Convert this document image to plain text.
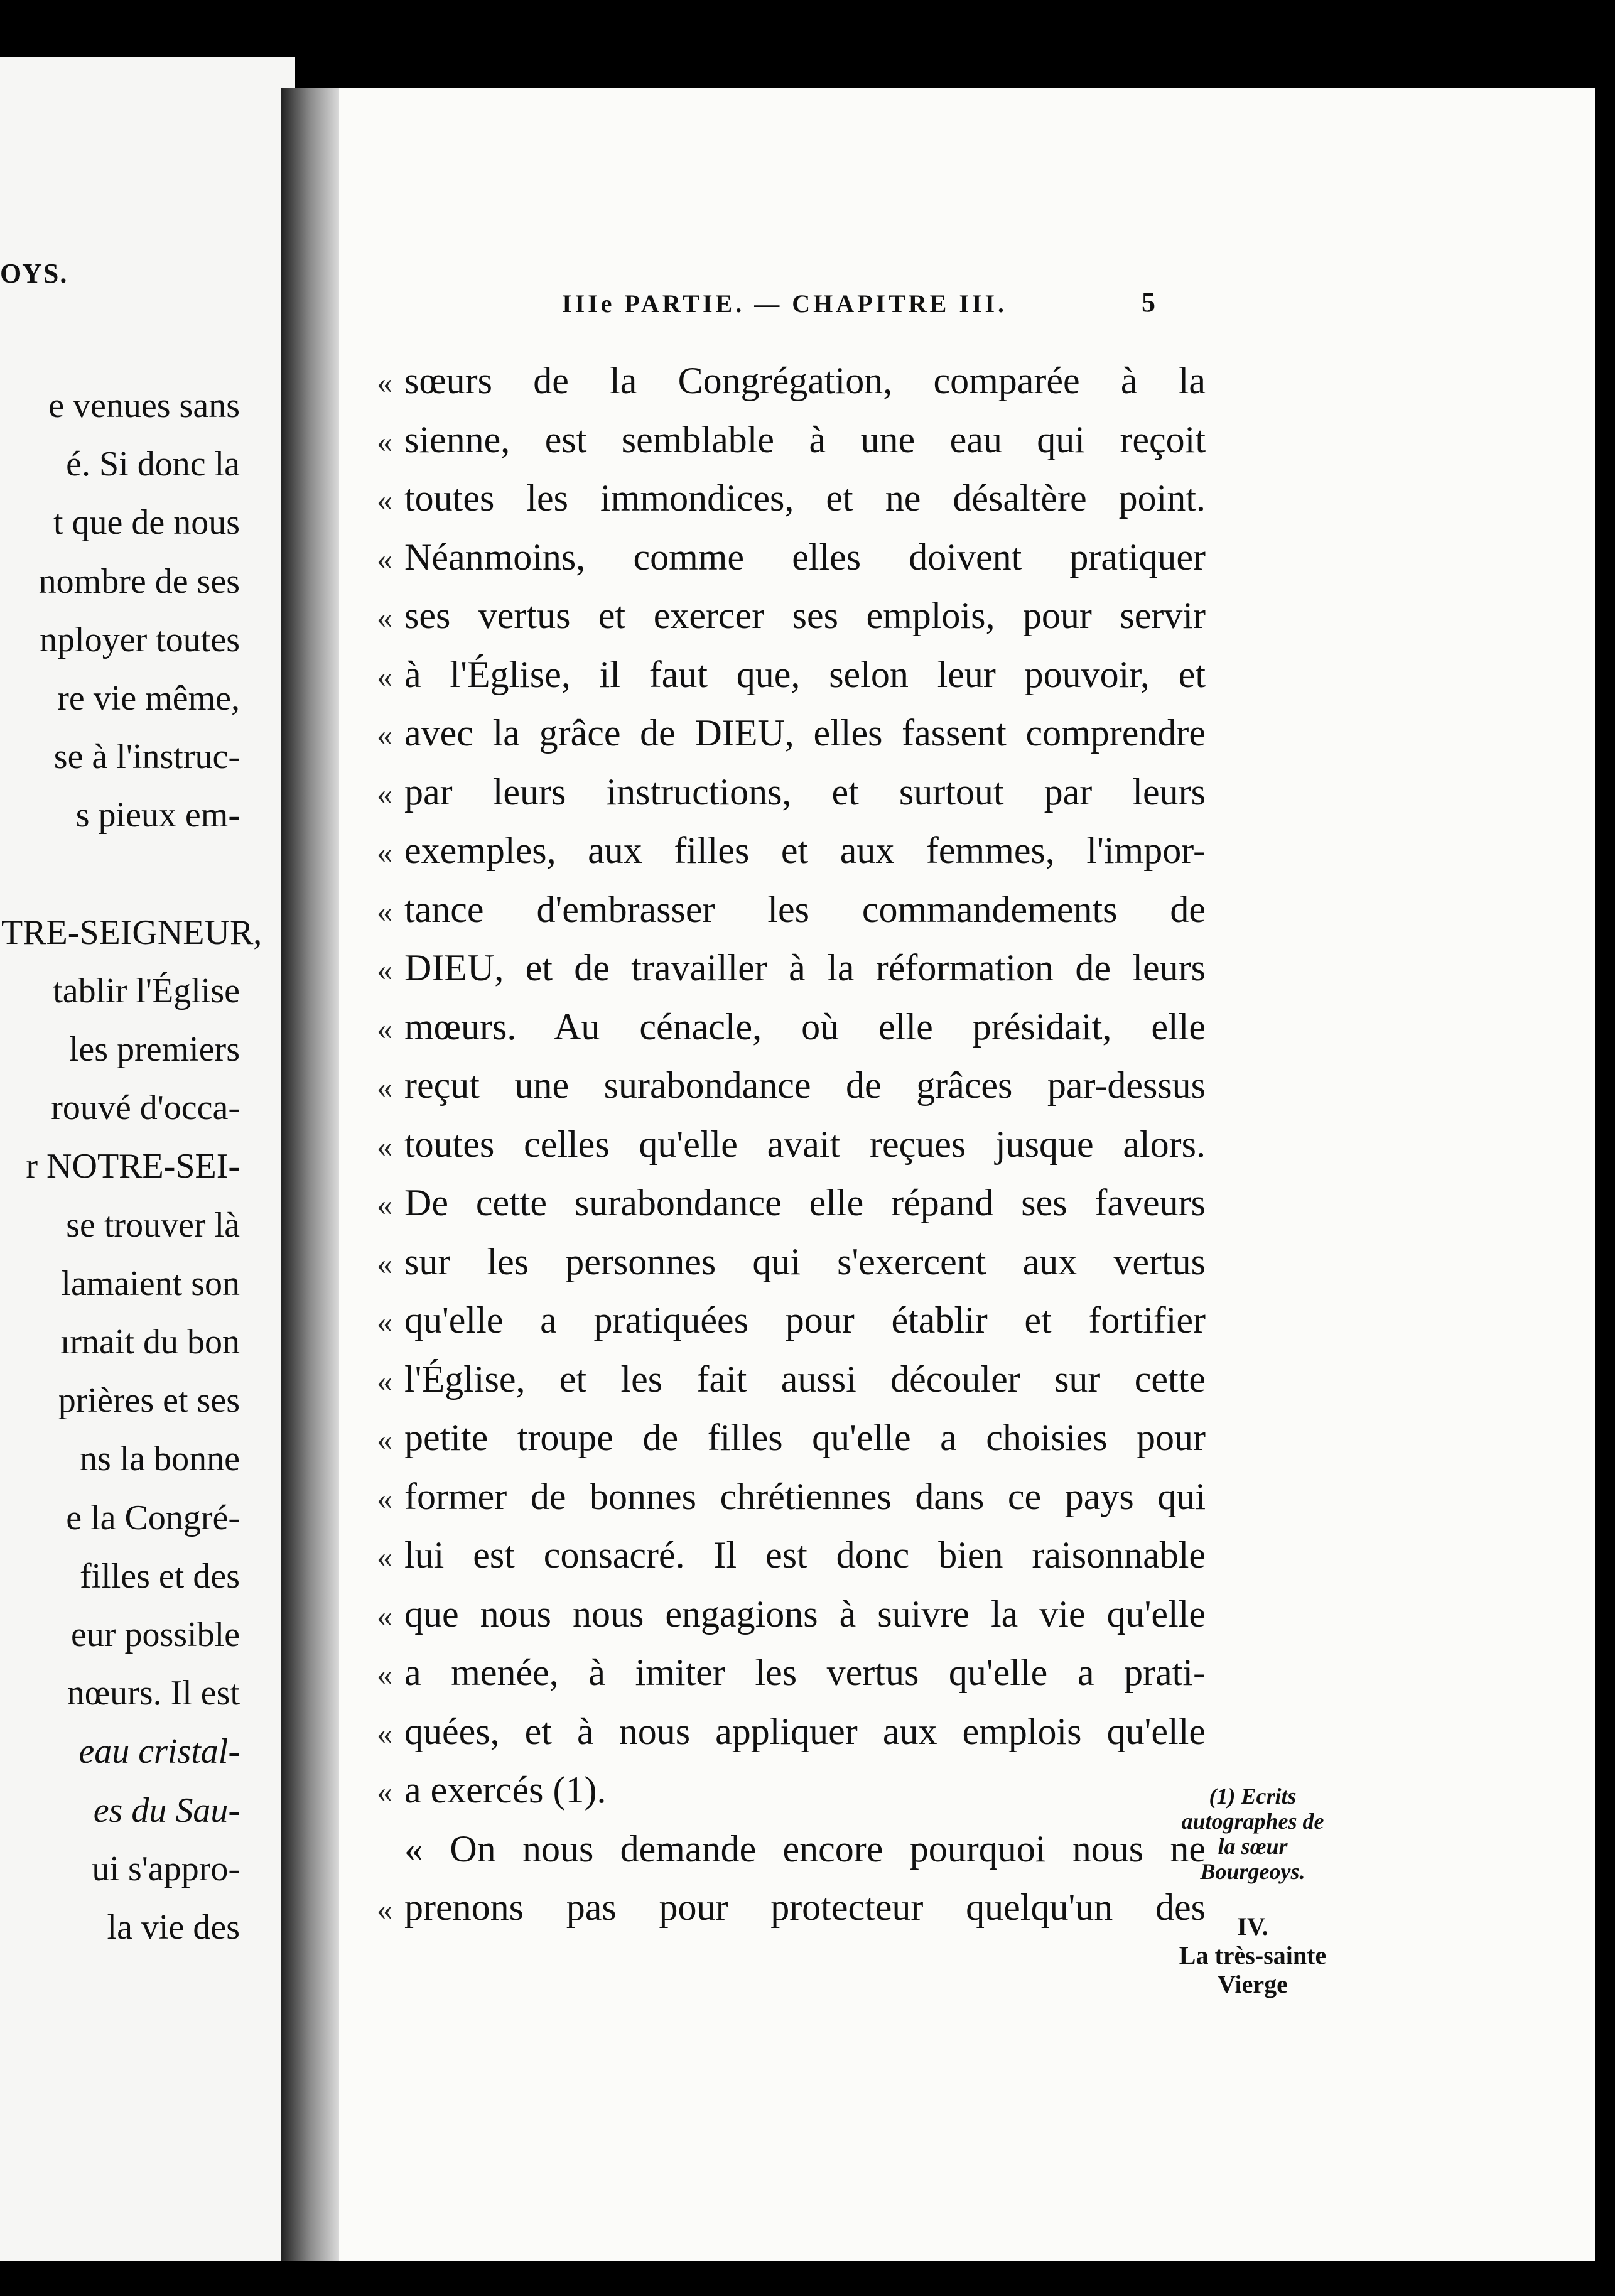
ΟΥS.
e venues sans
é. Si donc la
t que de nous
nombre de ses
nployer toutes
re vie même,
se à l'instruc-
s pieux em-
TRE-SEIGNEUR,
tablir l'Église
les premiers
rouvé d'occa-
r NOTRE-SEI-
se trouver là
lamaient son
ırnait du bon
prières et ses
ns la bonne
e la Congré-
filles et des
eur possible
nœurs. Il est
eau cristal-
es du Sau-
ui s'appro-
la vie des
IIIe PARTIE. — CHAPITRE III.	5
« sœurs de la Congrégation, comparée à la
« sienne, est semblable à une eau qui reçoit
« toutes les immondices, et ne désaltère point.
« Néanmoins, comme elles doivent pratiquer
« ses vertus et exercer ses emplois, pour servir
« à l'Église, il faut que, selon leur pouvoir, et
« avec la grâce de DIEU, elles fassent comprendre
« par leurs instructions, et surtout par leurs
« exemples, aux filles et aux femmes, l'impor-
« tance d'embrasser les commandements de
« DIEU, et de travailler à la réformation de leurs
« mœurs. Au cénacle, où elle présidait, elle
« reçut une surabondance de grâces par-dessus
« toutes celles qu'elle avait reçues jusque alors.
« De cette surabondance elle répand ses faveurs
« sur les personnes qui s'exercent aux vertus
« qu'elle a pratiquées pour établir et fortifier
« l'Église, et les fait aussi découler sur cette
« petite troupe de filles qu'elle a choisies pour
« former de bonnes chrétiennes dans ce pays qui
« lui est consacré. Il est donc bien raisonnable
« que nous nous engagions à suivre la vie qu'elle
« a menée, à imiter les vertus qu'elle a prati-
« quées, et à nous appliquer aux emplois qu'elle
« a exercés (1).
« On nous demande encore pourquoi nous ne
« prenons pas pour protecteur quelqu'un des
(1) Ecrits autographes de la sœur Bourgeoys.
IV.
La très-sainte
Vierge
